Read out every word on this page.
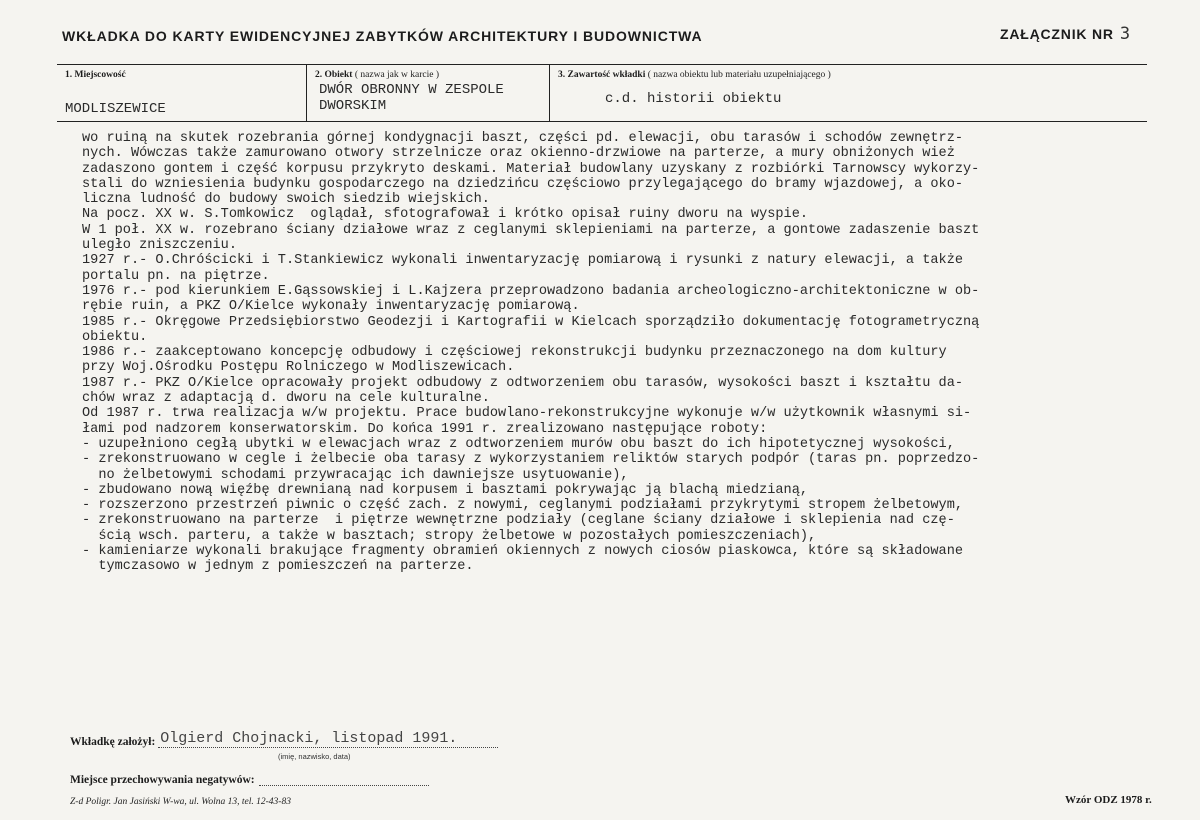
WKŁADKA DO KARTY EWIDENCYJNEJ ZABYTKÓW ARCHITEKTURY I BUDOWNICTWA	ZAŁĄCZNIK NR 3
1. Miejscowość
MODLISZEWICE
2. Obiekt ( nazwa jak w karcie )
DWÓR OBRONNY W ZESPOLE
DWORSKIM
3. Zawartość wkładki ( nazwa obiektu lub materiału uzupełniającego )
c.d. historii obiektu
wo ruiną na skutek rozebrania górnej kondygnacji baszt, części pd. elewacji, obu tarasów i schodów zewnętrz-
nych. Wówczas także zamurowano otwory strzelnicze oraz okienno-drzwiowe na parterze, a mury obniżonych wież
zadaszono gontem i część korpusu przykryto deskami. Materiał budowlany uzyskany z rozbiórki Tarnowscy wykorzy-
stali do wzniesienia budynku gospodarczego na dziedzińcu częściowo przylegającego do bramy wjazdowej, a oko-
liczna ludność do budowy swoich siedzib wiejskich.
Na pocz. XX w. S.Tomkowicz  oglądał, sfotografował i krótko opisał ruiny dworu na wyspie.
W 1 poł. XX w. rozebrano ściany działowe wraz z ceglanymi sklepieniami na parterze, a gontowe zadaszenie baszt
uległo zniszczeniu.
1927 r.- O.Chróścicki i T.Stankiewicz wykonali inwentaryzację pomiarową i rysunki z natury elewacji, a także
portalu pn. na piętrze.
1976 r.- pod kierunkiem E.Gąssowskiej i L.Kajzera przeprowadzono badania archeologiczno-architektoniczne w ob-
rębie ruin, a PKZ O/Kielce wykonały inwentaryzację pomiarową.
1985 r.- Okręgowe Przedsiębiorstwo Geodezji i Kartografii w Kielcach sporządziło dokumentację fotogrametryczną
obiektu.
1986 r.- zaakceptowano koncepcję odbudowy i częściowej rekonstrukcji budynku przeznaczonego na dom kultury
przy Woj.Ośrodku Postępu Rolniczego w Modliszewicach.
1987 r.- PKZ O/Kielce opracowały projekt odbudowy z odtworzeniem obu tarasów, wysokości baszt i kształtu da-
chów wraz z adaptacją d. dworu na cele kulturalne.
Od 1987 r. trwa realizacja w/w projektu. Prace budowlano-rekonstrukcyjne wykonuje w/w użytkownik własnymi si-
łami pod nadzorem konserwatorskim. Do końca 1991 r. zrealizowano następujące roboty:
- uzupełniono cegłą ubytki w elewacjach wraz z odtworzeniem murów obu baszt do ich hipotetycznej wysokości,
- zrekonstruowano w cegle i żelbecie oba tarasy z wykorzystaniem reliktów starych podpór (taras pn. poprzedzo-
no żelbetowymi schodami przywracając ich dawniejsze usytuowanie),
- zbudowano nową więźbę drewnianą nad korpusem i basztami pokrywając ją blachą miedzianą,
- rozszerzono przestrzeń piwnic o część zach. z nowymi, ceglanymi podziałami przykrytymi stropem żelbetowym,
- zrekonstruowano na parterze  i piętrze wewnętrzne podziały (ceglane ściany działowe i sklepienia nad czę-
ścią wsch. parteru, a także w basztach; stropy żelbetowe w pozostałych pomieszczeniach),
- kamieniarze wykonali brakujące fragmenty obramień okiennych z nowych ciosów piaskowca, które są składowane
tymczasowo w jednym z pomieszczeń na parterze.
Wkładkę założył: Olgierd Chojnacki, listopad 1991.
(imię, nazwisko, data)
Miejsce przechowywania negatywów:
Z-d Poligr. Jan Jasiński W-wa, ul. Wolna 13, tel. 12-43-83	Wzór ODZ 1978 r.
